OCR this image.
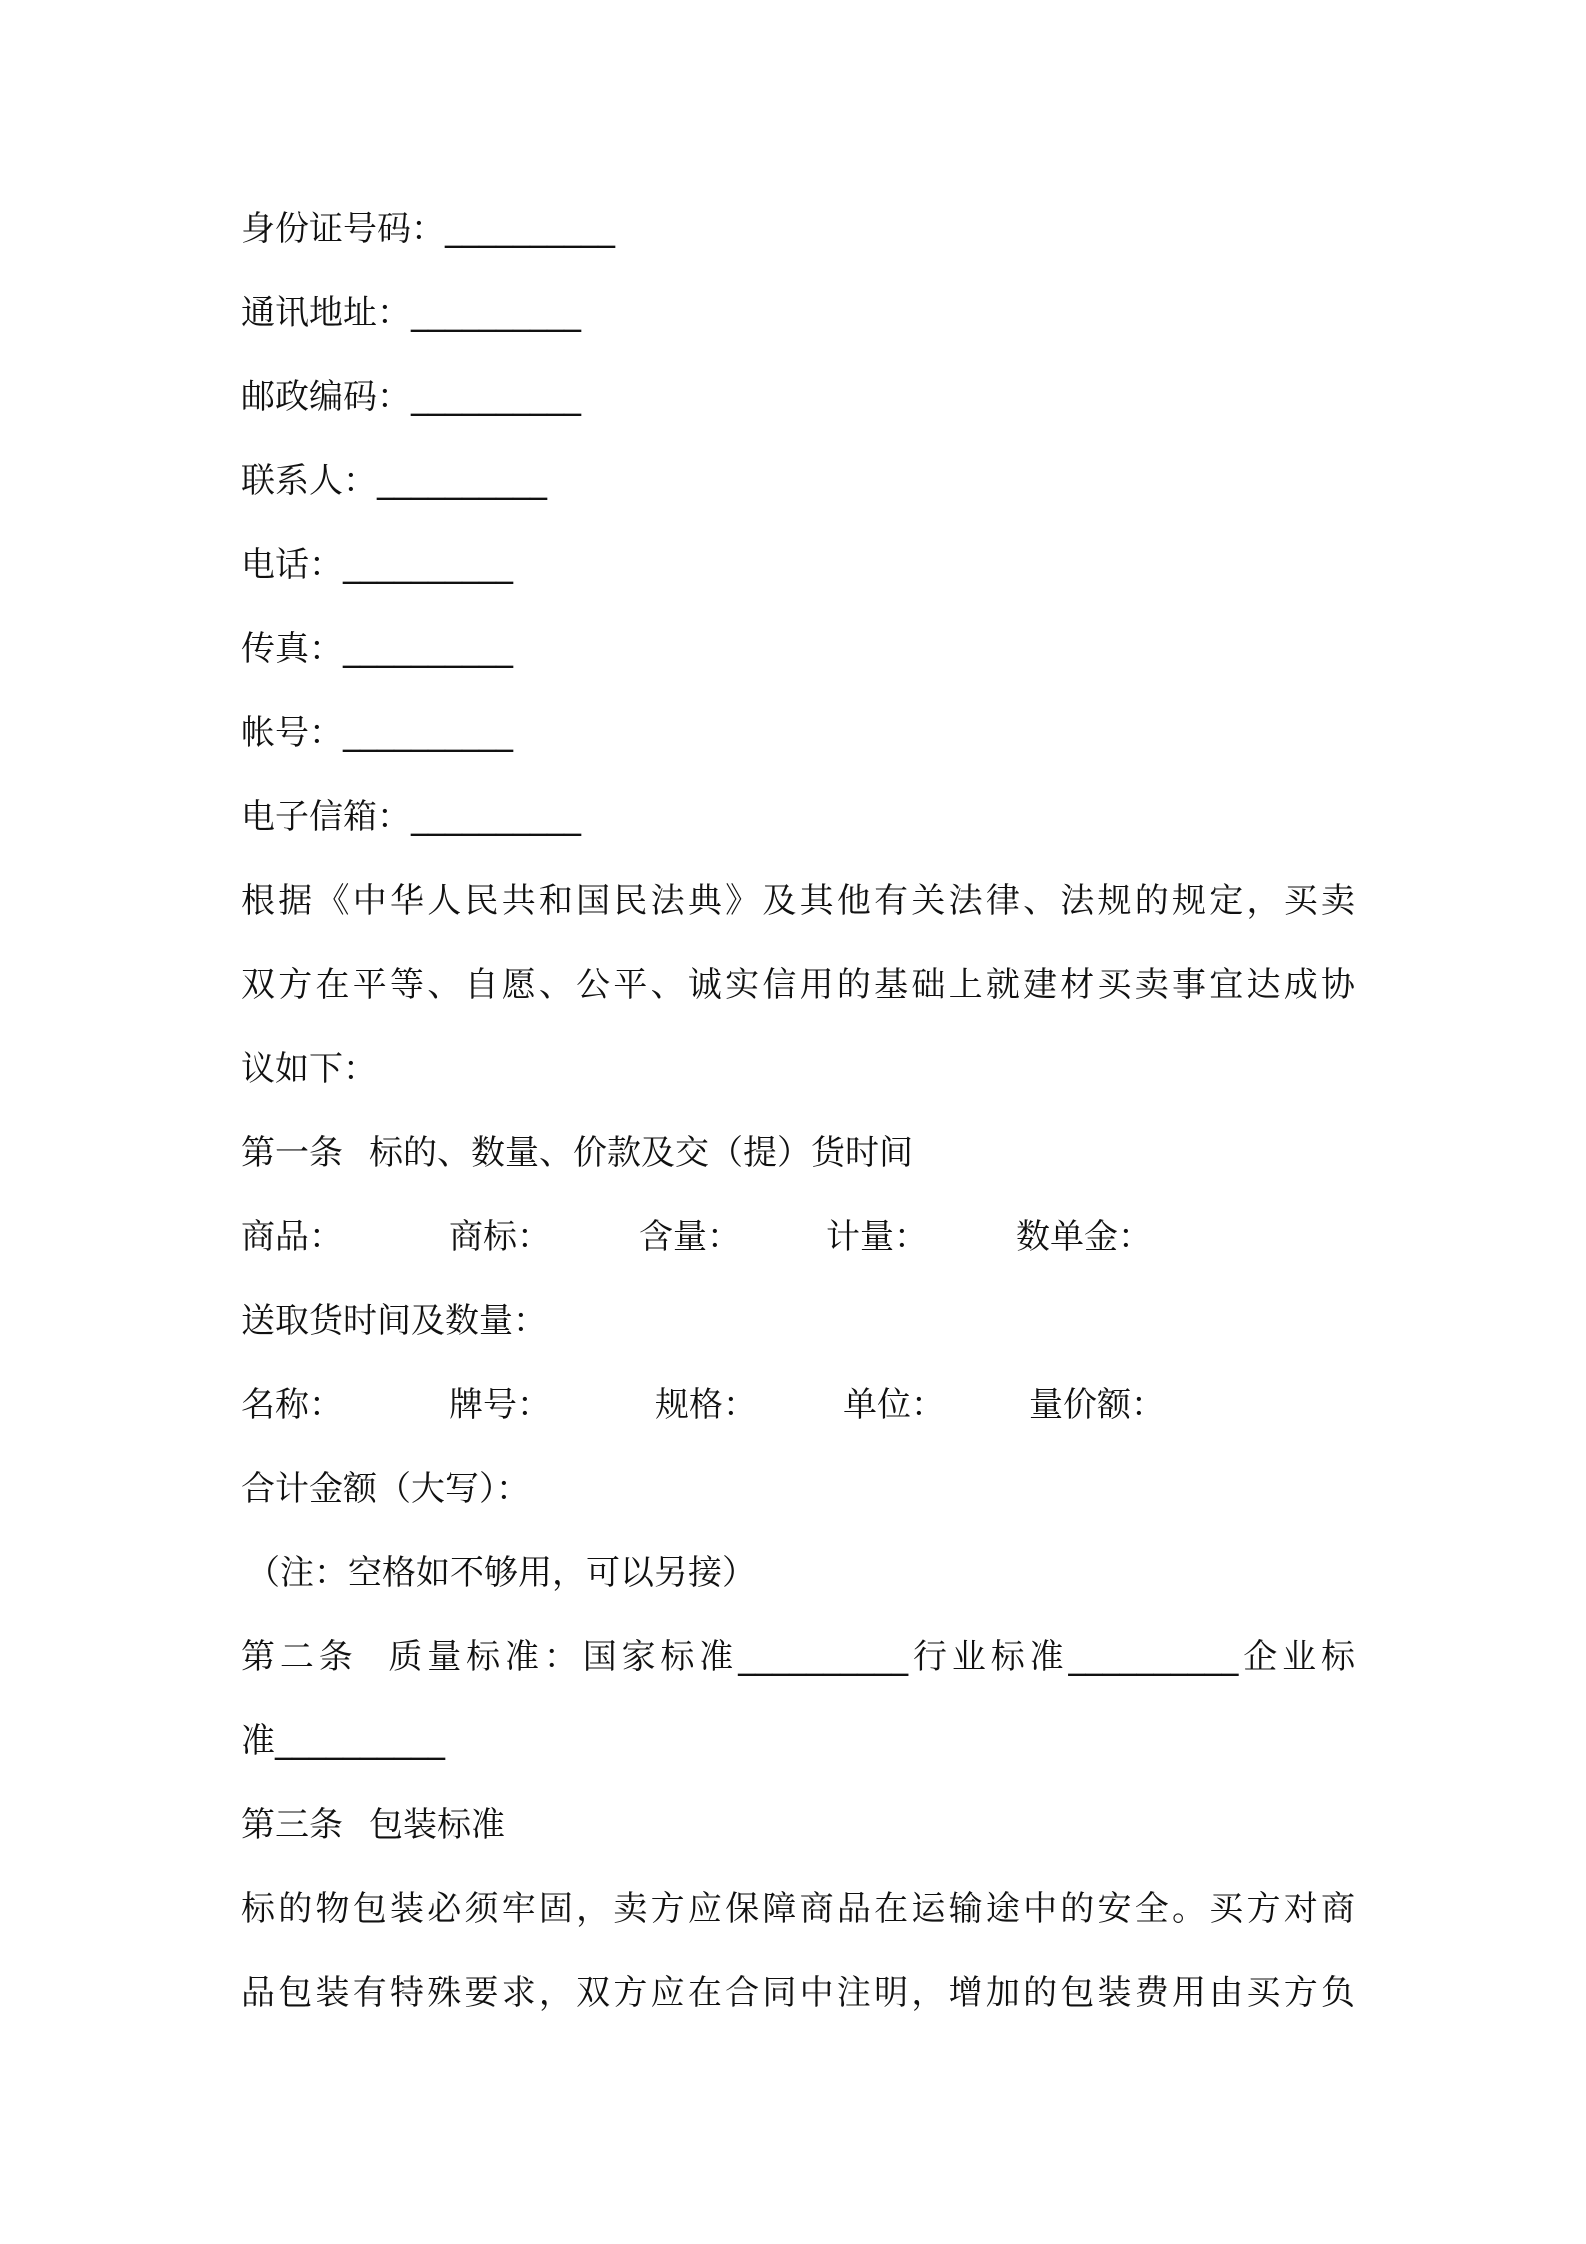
身份证号码：__________
通讯地址：__________
邮政编码：__________
联系人：__________
电话：__________
传真：__________
帐号：__________
电子信箱：__________
根据《中华人民共和国民法典》及其他有关法律、法规的规定，买卖
双方在平等、自愿、公平、诚实信用的基础上就建材买卖事宜达成协
议如下：
第一条 标的、数量、价款及交（提）货时间
商品：	商标：	含量：	计量：	数单金：
送取货时间及数量：
名称：	牌号：	规格：	单位： 量价额：
合计金额（大写）：
（注：空格如不够用，可以另接）
第二条 质量标准：国家标准__________行业标准__________企业标
准__________
第三条 包装标准
标的物包装必须牢固，卖方应保障商品在运输途中的安全。买方对商
品包装有特殊要求，双方应在合同中注明，增加的包装费用由买方负
